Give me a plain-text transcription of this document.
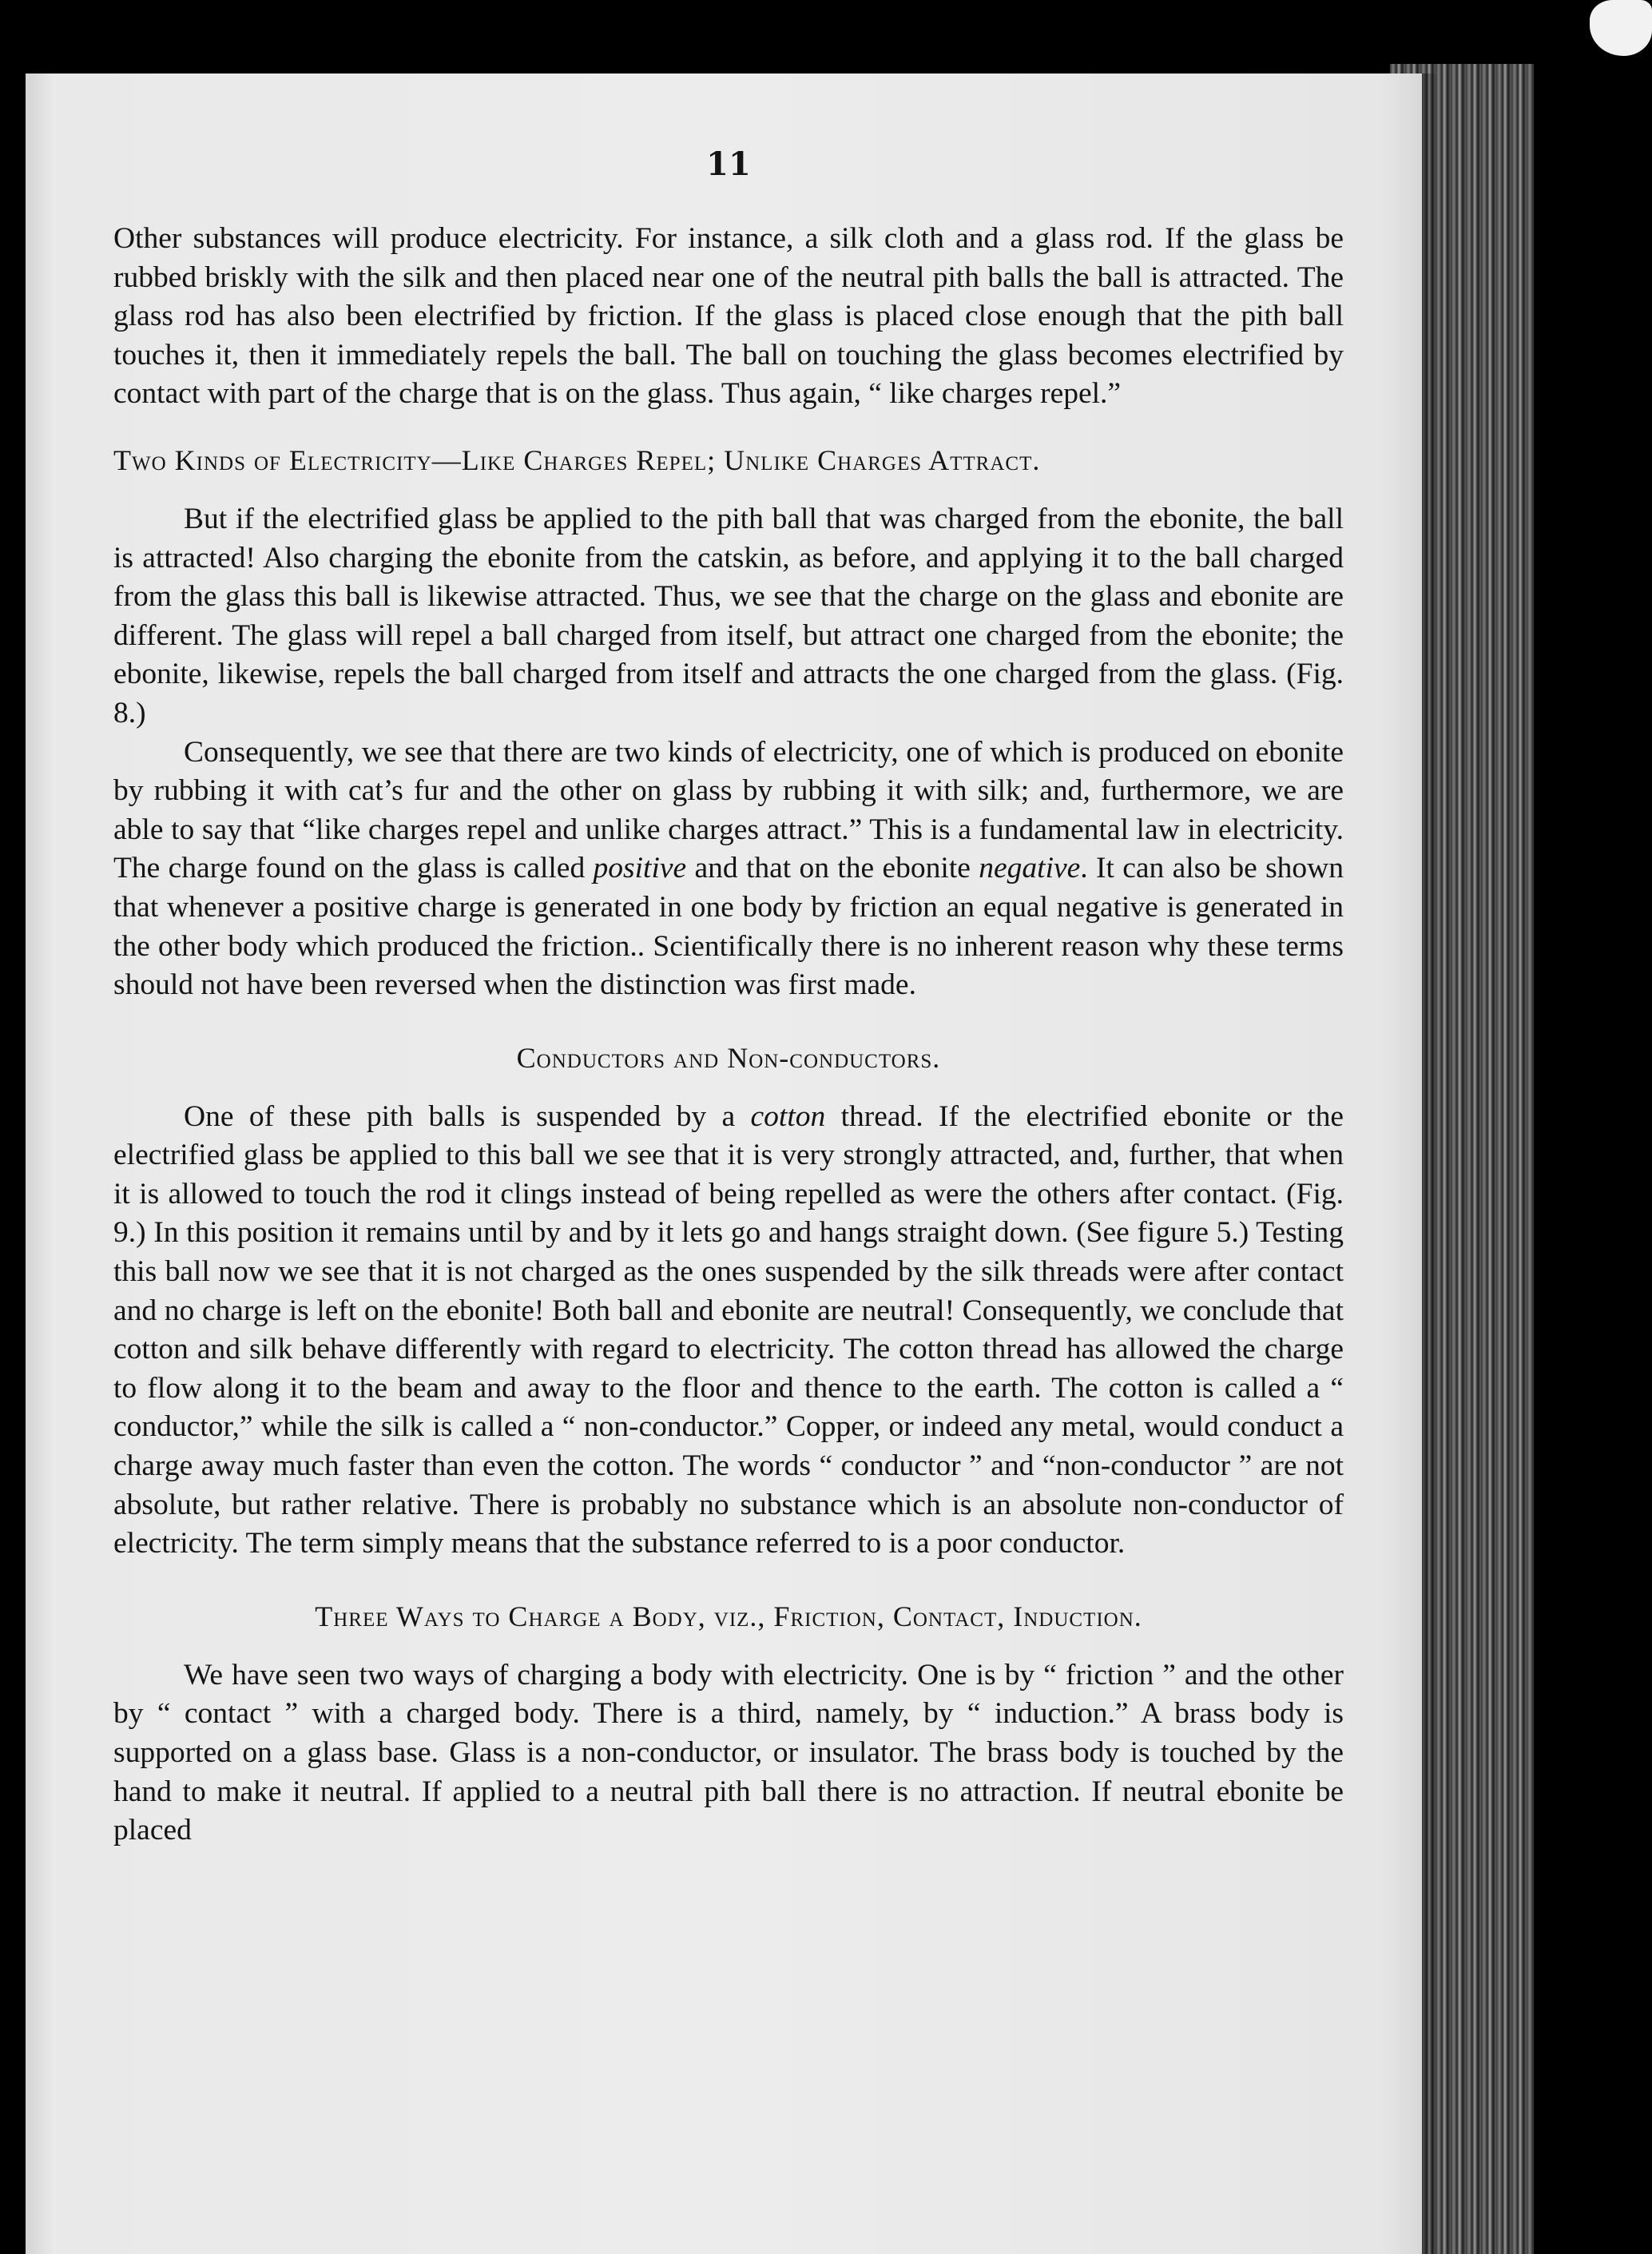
11

Other substances will produce electricity. For instance, a silk cloth and a glass rod. If the glass be rubbed briskly with the silk and then placed near one of the neutral pith balls the ball is attracted. The glass rod has also been electrified by friction. If the glass is placed close enough that the pith ball touches it, then it immediately repels the ball. The ball on touching the glass becomes electrified by contact with part of the charge that is on the glass. Thus again, “ like charges repel.”

Two Kinds of Electricity—Like Charges Repel; Unlike Charges Attract.

But if the electrified glass be applied to the pith ball that was charged from the ebonite, the ball is attracted! Also charging the ebonite from the catskin, as before, and applying it to the ball charged from the glass this ball is likewise attracted. Thus, we see that the charge on the glass and ebonite are different. The glass will repel a ball charged from itself, but attract one charged from the ebonite; the ebonite, likewise, repels the ball charged from itself and attracts the one charged from the glass. (Fig. 8.)

Consequently, we see that there are two kinds of electricity, one of which is produced on ebonite by rubbing it with cat’s fur and the other on glass by rubbing it with silk; and, furthermore, we are able to say that “like charges repel and unlike charges attract.” This is a fundamental law in electricity. The charge found on the glass is called positive and that on the ebonite negative. It can also be shown that whenever a positive charge is generated in one body by friction an equal negative is generated in the other body which produced the friction.. Scientifically there is no inherent reason why these terms should not have been reversed when the distinction was first made.

Conductors and Non-conductors.

One of these pith balls is suspended by a cotton thread. If the electrified ebonite or the electrified glass be applied to this ball we see that it is very strongly attracted, and, further, that when it is allowed to touch the rod it clings instead of being repelled as were the others after contact. (Fig. 9.) In this position it remains until by and by it lets go and hangs straight down. (See figure 5.) Testing this ball now we see that it is not charged as the ones suspended by the silk threads were after contact and no charge is left on the ebonite! Both ball and ebonite are neutral! Consequently, we conclude that cotton and silk behave differently with regard to electricity. The cotton thread has allowed the charge to flow along it to the beam and away to the floor and thence to the earth. The cotton is called a “ conductor,” while the silk is called a “ non-conductor.” Copper, or indeed any metal, would conduct a charge away much faster than even the cotton. The words “ conductor ” and “non-conductor ” are not absolute, but rather relative. There is probably no substance which is an absolute non-conductor of electricity. The term simply means that the substance referred to is a poor conductor.

Three Ways to Charge a Body, viz., Friction, Contact, Induction.

We have seen two ways of charging a body with electricity. One is by “ friction ” and the other by “ contact ” with a charged body. There is a third, namely, by “ induction.” A brass body is supported on a glass base. Glass is a non-conductor, or insulator. The brass body is touched by the hand to make it neutral. If applied to a neutral pith ball there is no attraction. If neutral ebonite be placed
